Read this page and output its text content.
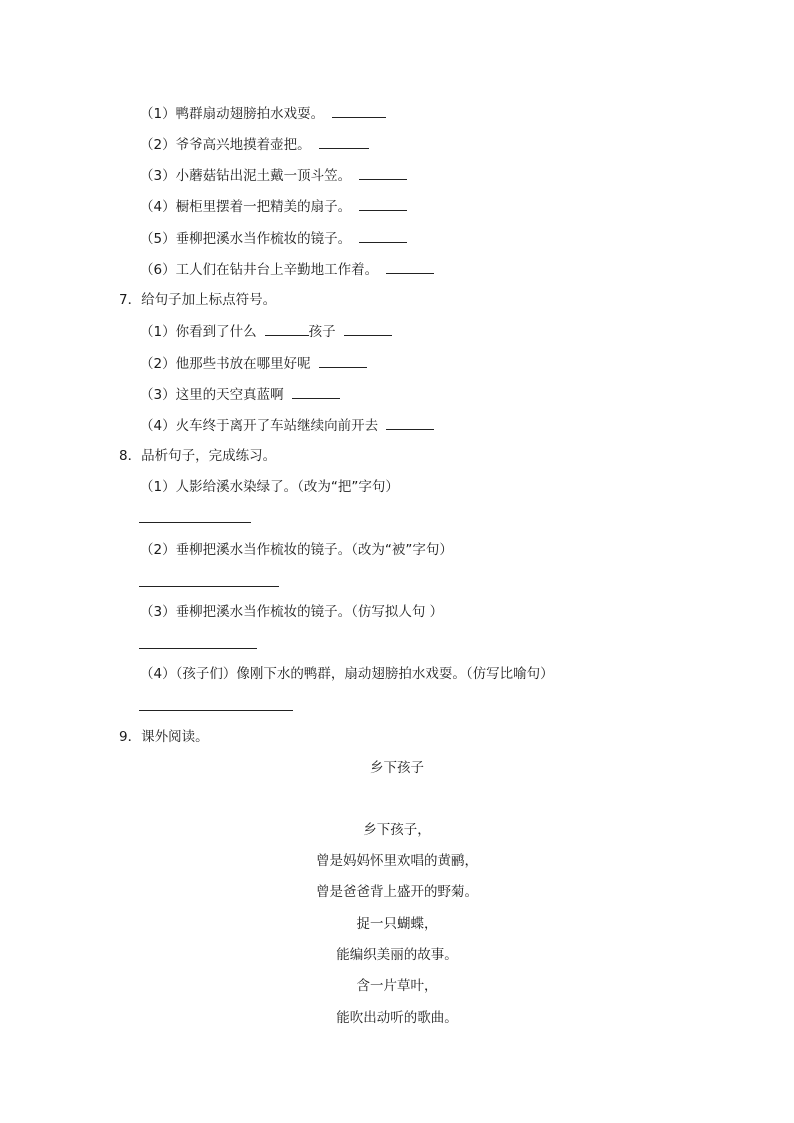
（1）鸭群扇动翅膀拍水戏耍。
（2）爷爷高兴地摸着壶把。
（3）小蘑菇钻出泥土戴一顶斗笠。
（4）橱柜里摆着一把精美的扇子。
（5）垂柳把溪水当作梳妆的镜子。
（6）工人们在钻井台上辛勤地工作着。
7．给句子加上标点符号。
（1）你看到了什么	孩子
（2）他那些书放在哪里好呢
（3）这里的天空真蓝啊
（4）火车终于离开了车站继续向前开去
8．品析句子，完成练习。
（1）人影给溪水染绿了。（改为“把”字句）
（2）垂柳把溪水当作梳妆的镜子。（改为“被”字句）
（3）垂柳把溪水当作梳妆的镜子。（仿写拟人句 ）
（4）（孩子们）像刚下水的鸭群，扇动翅膀拍水戏耍。（仿写比喻句）
9．课外阅读。
乡下孩子
乡下孩子，
曾是妈妈怀里欢唱的黄鹂，
曾是爸爸背上盛开的野菊。
捉一只蝴蝶，
能编织美丽的故事。
含一片草叶，
能吹出动听的歌曲。
